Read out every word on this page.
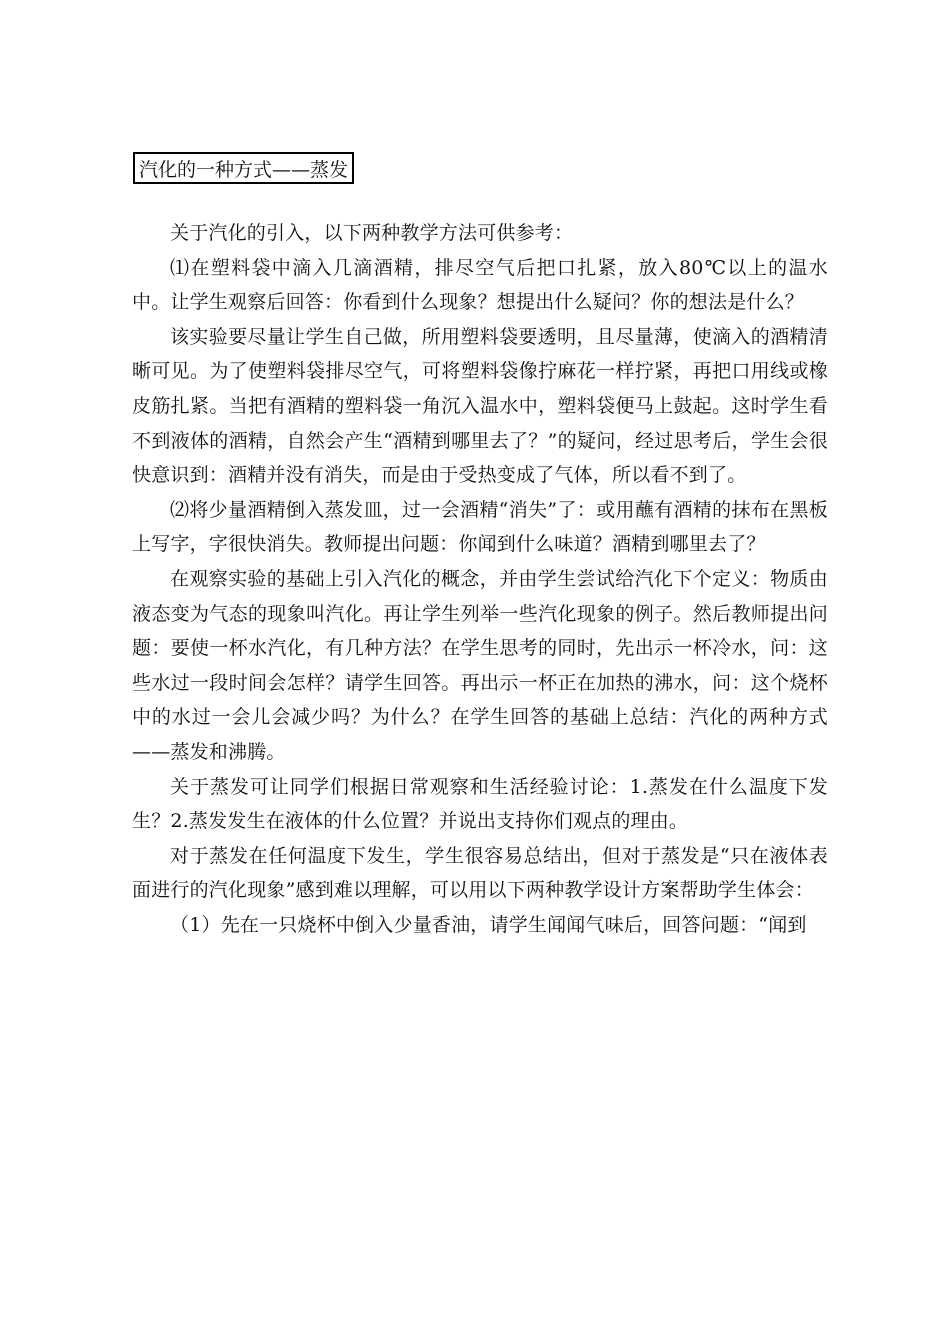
汽化的一种方式——蒸发

关于汽化的引入，以下两种教学方法可供参考：

⑴在塑料袋中滴入几滴酒精，排尽空气后把口扎紧，放入80℃以上的温水中。让学生观察后回答：你看到什么现象？想提出什么疑问？你的想法是什么？

该实验要尽量让学生自己做，所用塑料袋要透明，且尽量薄，使滴入的酒精清晰可见。为了使塑料袋排尽空气，可将塑料袋像拧麻花一样拧紧，再把口用线或橡皮筋扎紧。当把有酒精的塑料袋一角沉入温水中，塑料袋便马上鼓起。这时学生看不到液体的酒精，自然会产生“酒精到哪里去了？”的疑问，经过思考后，学生会很快意识到：酒精并没有消失，而是由于受热变成了气体，所以看不到了。

⑵将少量酒精倒入蒸发皿，过一会酒精“消失”了：或用蘸有酒精的抹布在黑板上写字，字很快消失。教师提出问题：你闻到什么味道？酒精到哪里去了？

在观察实验的基础上引入汽化的概念，并由学生尝试给汽化下个定义：物质由液态变为气态的现象叫汽化。再让学生列举一些汽化现象的例子。然后教师提出问题：要使一杯水汽化，有几种方法？在学生思考的同时，先出示一杯冷水，问：这些水过一段时间会怎样？请学生回答。再出示一杯正在加热的沸水，问：这个烧杯中的水过一会儿会减少吗？为什么？在学生回答的基础上总结：汽化的两种方式——蒸发和沸腾。

关于蒸发可让同学们根据日常观察和生活经验讨论：1.蒸发在什么温度下发生？2.蒸发发生在液体的什么位置？并说出支持你们观点的理由。

对于蒸发在任何温度下发生，学生很容易总结出，但对于蒸发是“只在液体表面进行的汽化现象”感到难以理解，可以用以下两种教学设计方案帮助学生体会：

（1）先在一只烧杯中倒入少量香油，请学生闻闻气味后，回答问题：“闻到
